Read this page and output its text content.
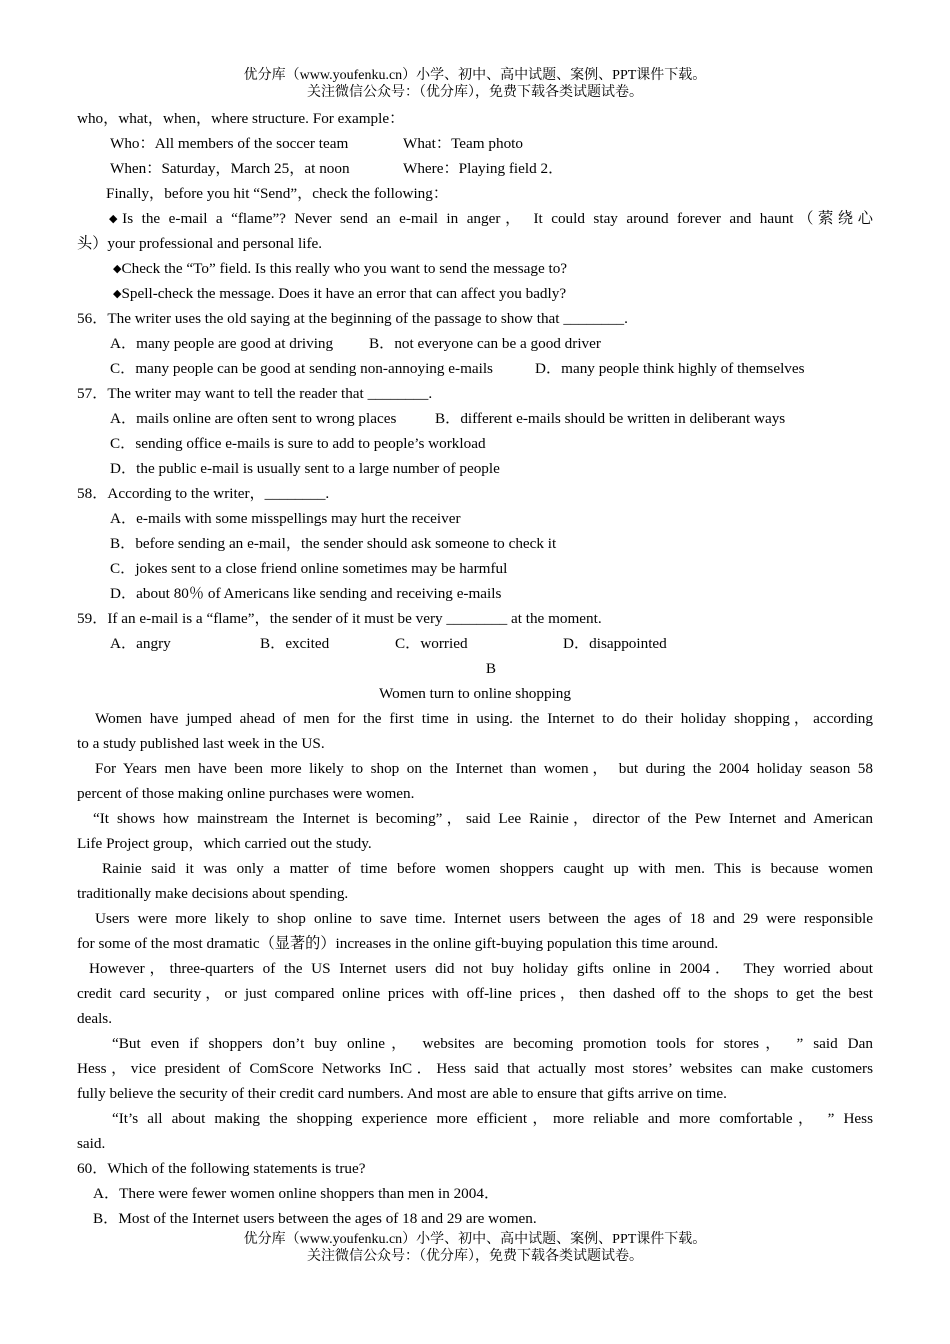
优分库（www.youfenku.cn）小学、初中、高中试题、案例、PPT课件下载。
关注微信公众号：（优分库），免费下载各类试题试卷。
who，what，when，where structure. For example：
Who：All members of the soccer team	What：Team photo
When：Saturday，March 25，at noon	Where：Playing field 2．
Finally，before you hit “Send”，check the following：
◆Is the e-mail a “flame”? Never send an e-mail in anger， It could stay around forever and haunt（萦绕心
头）your professional and personal life.
◆Check the “To” field. Is this really who you want to send the message to?
◆Spell-check the message. Does it have an error that can affect you badly?
56．The writer uses the old saying at the beginning of the passage to show that ________.
A．many people are good at driving B．not everyone can be a good driver
C．many people can be good at sending non-annoying e-mails	D．many people think highly of themselves
57．The writer may want to tell the reader that ________.
A．mails online are often sent to wrong places	B．different e-mails should be written in deliberant ways
C．sending office e-mails is sure to add to people’s workload
D．the public e-mail is usually sent to a large number of people
58．According to the writer，________.
A．e-mails with some misspellings may hurt the receiver
B．before sending an e-mail，the sender should ask someone to check it
C．jokes sent to a close friend online sometimes may be harmful
D．about 80％ of Americans like sending and receiving e-mails
59．If an e-mail is a “flame”，the sender of it must be very ________ at the moment.
A．angry	B．excited	C．worried	D．disappointed
B
Women turn to online shopping
Women have jumped ahead of men for the first time in using. the Internet to do their holiday shopping，according
to a study published last week in the US.
For Years men have been more likely to shop on the Internet than women， but during the 2004 holiday season 58
percent of those making online purchases were women.
“It shows how mainstream the Internet is becoming”，said Lee Rainie，director of the Pew Internet and American
Life Project group，which carried out the study.
Rainie said it was only a matter of time before women shoppers caught up with men. This is because women
traditionally make decisions about spending.
Users were more likely to shop online to save time. Internet users between the ages of 18 and 29 were responsible
for some of the most dramatic（显著的）increases in the online gift-buying population this time around.
However，three-quarters of the US Internet users did not buy holiday gifts online in 2004． They worried about
credit card security，or just compared online prices with off-line prices，then dashed off to the shops to get the best
deals.
“But even if shoppers don’t buy online， websites are becoming promotion tools for stores， ” said Dan
Hess，vice president of ComScore Networks InC．Hess said that actually most stores’ websites can make customers
fully believe the security of their credit card numbers. And most are able to ensure that gifts arrive on time.
“It’s all about making the shopping experience more efficient，more reliable and more comfortable， ” Hess
said.
60．Which of the following statements is true?
A．There were fewer women online shoppers than men in 2004．
B．Most of the Internet users between the ages of 18 and 29 are women.
优分库（www.youfenku.cn）小学、初中、高中试题、案例、PPT课件下载。
关注微信公众号：（优分库），免费下载各类试题试卷。
